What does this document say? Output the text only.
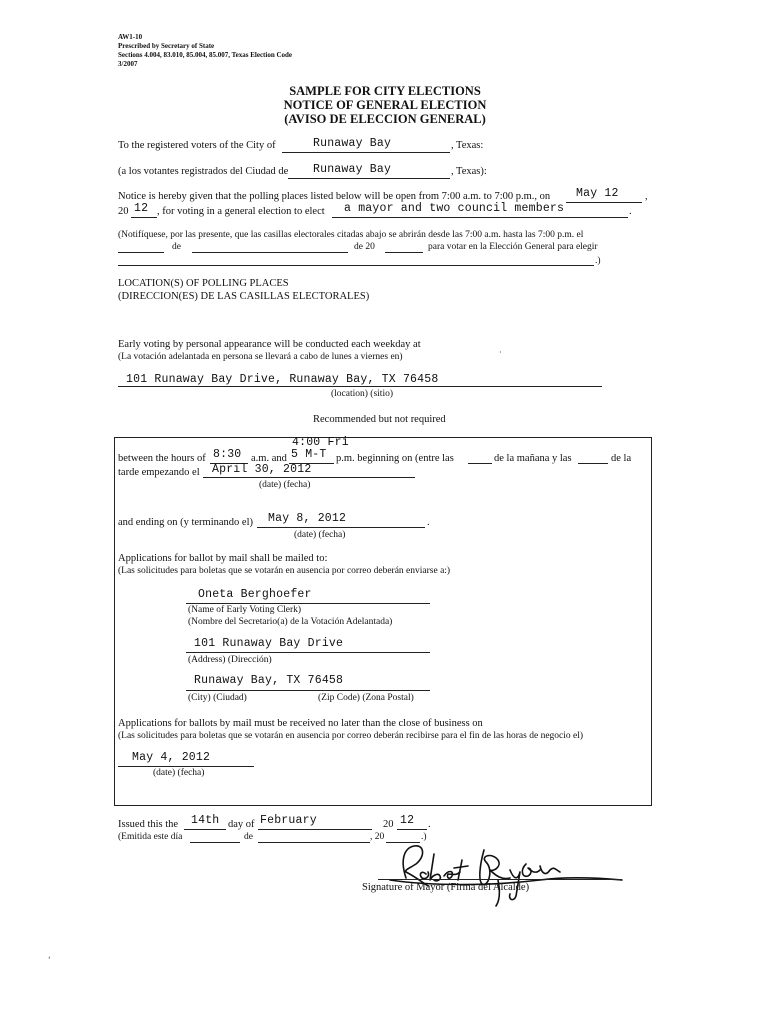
AW1-10
Prescribed by Secretary of State
Sections 4.004, 83.010, 85.004, 85.007, Texas Election Code
3/2007
SAMPLE FOR CITY ELECTIONS
NOTICE OF GENERAL ELECTION
(AVISO DE ELECCION GENERAL)
To the registered voters of the City of	Runaway Bay	, Texas:
(a los votantes registrados del Ciudad de Runaway Bay	, Texas):
Notice is hereby given that the polling places listed below will be open from 7:00 a.m. to 7:00 p.m., on May 12	,
20 12 , for voting in a general election to elect a mayor and two council members	.
(Notifíquese, por las presente, que las casillas electorales citadas abajo se abrirán desde las 7:00 a.m. hasta las 7:00 p.m. el
de	de 20	para votar en la Elección General para elegir
.)
LOCATION(S) OF POLLING PLACES
(DIRECCION(ES) DE LAS CASILLAS ELECTORALES)
Early voting by personal appearance will be conducted each weekday at
(La votación adelantada en persona se llevará a cabo de lunes a viernes en)	·
101 Runaway Bay Drive, Runaway Bay, TX 76458
(location) (sitio)
Recommended but not required
4:00 Fri
between the hours of 8:30 a.m. and 5 M-T p.m. beginning on (entre las	de la mañana y las	de la
tarde empezando el April 30, 2012
(date) (fecha)
and ending on (y terminando el) May 8, 2012	.
(date) (fecha)
Applications for ballot by mail shall be mailed to:
(Las solicitudes para boletas que se votarán en ausencia por correo deberán enviarse a:)
Oneta Berghoefer
(Name of Early Voting Clerk)
(Nombre del Secretario(a) de la Votación Adelantada)
101 Runaway Bay Drive
(Address) (Dirección)
Runaway Bay, TX 76458
(City) (Ciudad)	(Zip Code) (Zona Postal)
Applications for ballots by mail must be received no later than the close of business on
(Las solicitudes para boletas que se votarán en ausencia por correo deberán recibirse para el fin de las horas de negocio el)
May 4, 2012
(date) (fecha)
Issued this the 14th day of February	20 12 .
(Emitida este día	de	, 20	.)
Signature of Mayor (Firma del Alcalde)
‘
